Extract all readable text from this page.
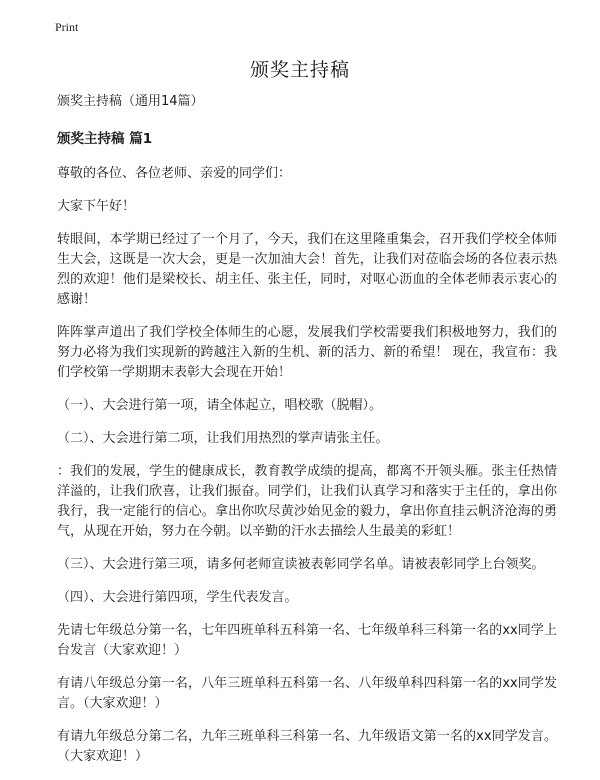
Print
颁奖主持稿

颁奖主持稿（通用14篇）

颁奖主持稿 篇1

尊敬的各位、各位老师、亲爱的同学们：

大家下午好！

转眼间，本学期已经过了一个月了，今天，我们在这里隆重集会，召开我们学校全体师生大会，这既是一次大会，更是一次加油大会！首先，让我们对莅临会场的各位表示热烈的欢迎！他们是梁校长、胡主任、张主任，同时，对呕心沥血的全体老师表示衷心的感谢！

阵阵掌声道出了我们学校全体师生的心愿，发展我们学校需要我们积极地努力，我们的努力必将为我们实现新的跨越注入新的生机、新的活力、新的希望！ 现在，我宣布：我们学校第一学期期末表彰大会现在开始！

（一）、大会进行第一项，请全体起立，唱校歌（脱帽）。

（二）、大会进行第二项，让我们用热烈的掌声请张主任。

：我们的发展，学生的健康成长，教育教学成绩的提高，都离不开领头雁。张主任热情洋溢的，让我们欣喜，让我们振奋。同学们，让我们认真学习和落实于主任的，拿出你我行，我一定能行的信心。拿出你吹尽黄沙始见金的毅力，拿出你直挂云帆济沧海的勇气，从现在开始，努力在今朝。以辛勤的汗水去描绘人生最美的彩虹！

（三）、大会进行第三项，请多何老师宣读被表彰同学名单。请被表彰同学上台领奖。

（四）、大会进行第四项，学生代表发言。

先请七年级总分第一名，七年四班单科五科第一名、七年级单科三科第一名的xx同学上台发言（大家欢迎！）

有请八年级总分第一名，八年三班单科五科第一名、八年级单科四科第一名的xx同学发言。（大家欢迎！）

有请九年级总分第二名，九年三班单科三科第一名、九年级语文第一名的xx同学发言。（大家欢迎！）
